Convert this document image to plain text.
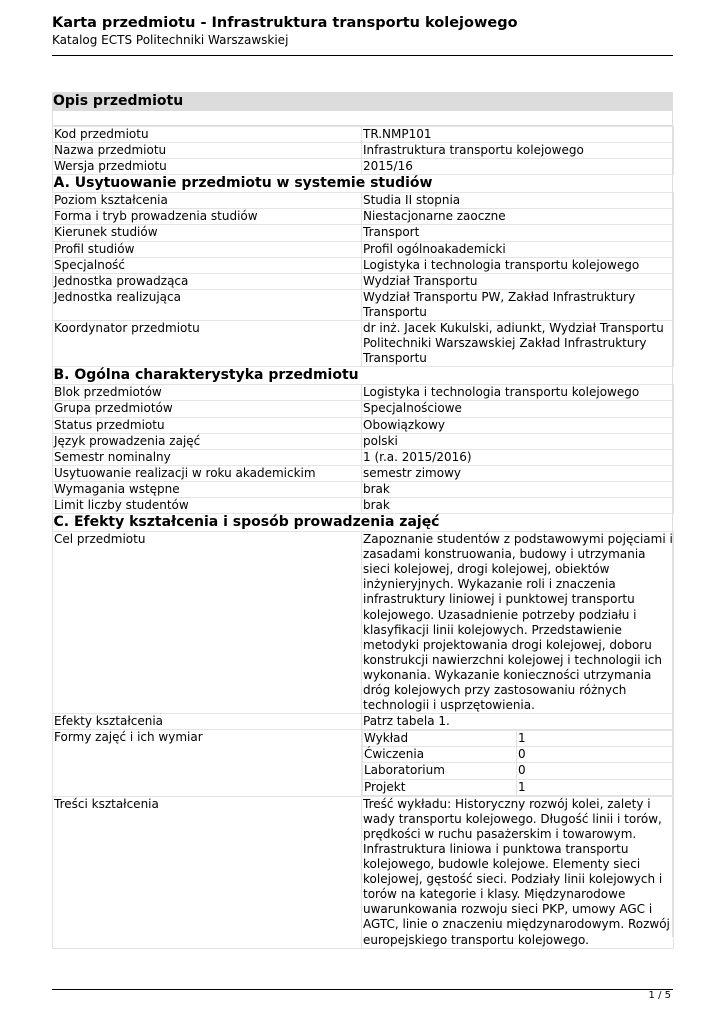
Karta przedmiotu - Infrastruktura transportu kolejowego
Katalog ECTS Politechniki Warszawskiej
Opis przedmiotu
Kod przedmiotu	TR.NMP101
Nazwa przedmiotu	Infrastruktura transportu kolejowego
Wersja przedmiotu	2015/16
A. Usytuowanie przedmiotu w systemie studiów
Poziom kształcenia	Studia II stopnia
Forma i tryb prowadzenia studiów	Niestacjonarne zaoczne
Kierunek studiów	Transport
Profil studiów	Profil ogólnoakademicki
Specjalność	Logistyka i technologia transportu kolejowego
Jednostka prowadząca	Wydział Transportu
Jednostka realizująca	Wydział Transportu PW, Zakład Infrastruktury Transportu
Koordynator przedmiotu	dr inż. Jacek Kukulski, adiunkt, Wydział Transportu Politechniki Warszawskiej Zakład Infrastruktury Transportu
B. Ogólna charakterystyka przedmiotu
Blok przedmiotów	Logistyka i technologia transportu kolejowego
Grupa przedmiotów	Specjalnościowe
Status przedmiotu	Obowiązkowy
Język prowadzenia zajęć	polski
Semestr nominalny	1 (r.a. 2015/2016)
Usytuowanie realizacji w roku akademickim	semestr zimowy
Wymagania wstępne	brak
Limit liczby studentów	brak
C. Efekty kształcenia i sposób prowadzenia zajęć
Cel przedmiotu	Zapoznanie studentów z podstawowymi pojęciami i zasadami konstruowania, budowy i utrzymania sieci kolejowej, drogi kolejowej, obiektów inżynieryjnych. Wykazanie roli i znaczenia infrastruktury liniowej i punktowej transportu kolejowego. Uzasadnienie potrzeby podziału i klasyfikacji linii kolejowych. Przedstawienie metodyki projektowania drogi kolejowej, doboru konstrukcji nawierzchni kolejowej i technologii ich wykonania. Wykazanie konieczności utrzymania dróg kolejowych przy zastosowaniu różnych technologii i usprzętowienia.
Efekty kształcenia	Patrz tabela 1.
Formy zajęć i ich wymiar		Wykład	1
Ćwiczenia	0
Laboratorium	0
Projekt	1

Treści kształcenia	Treść wykładu: Historyczny rozwój kolei, zalety i wady transportu kolejowego. Długość linii i torów, prędkości w ruchu pasażerskim i towarowym. Infrastruktura liniowa i punktowa transportu kolejowego, budowle kolejowe. Elementy sieci kolejowej, gęstość sieci. Podziały linii kolejowych i torów na kategorie i klasy. Międzynarodowe uwarunkowania rozwoju sieci PKP, umowy AGC i AGTC, linie o znaczeniu międzynarodowym. Rozwój europejskiego transportu kolejowego.
1 / 5
